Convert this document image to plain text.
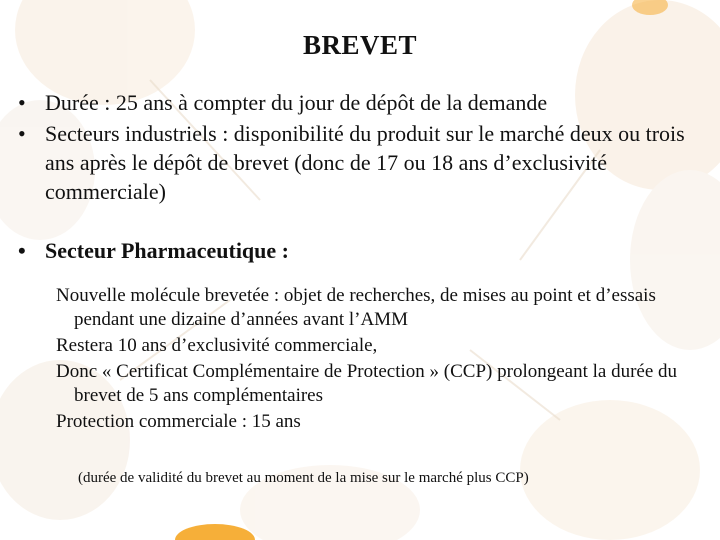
BREVET
• Durée : 25 ans à compter du jour de dépôt de la demande
• Secteurs industriels : disponibilité du produit sur le marché deux ou trois ans après le dépôt de brevet (donc de 17 ou 18 ans d’exclusivité commerciale)
• Secteur Pharmaceutique :
Nouvelle molécule brevetée : objet de recherches, de mises au point et d’essais pendant une dizaine d’années avant l’AMM
Restera 10 ans d’exclusivité commerciale,
Donc « Certificat Complémentaire de Protection » (CCP) prolongeant la durée du brevet de 5 ans complémentaires
Protection commerciale : 15 ans
(durée de validité du brevet au moment de la mise sur le marché plus CCP)
